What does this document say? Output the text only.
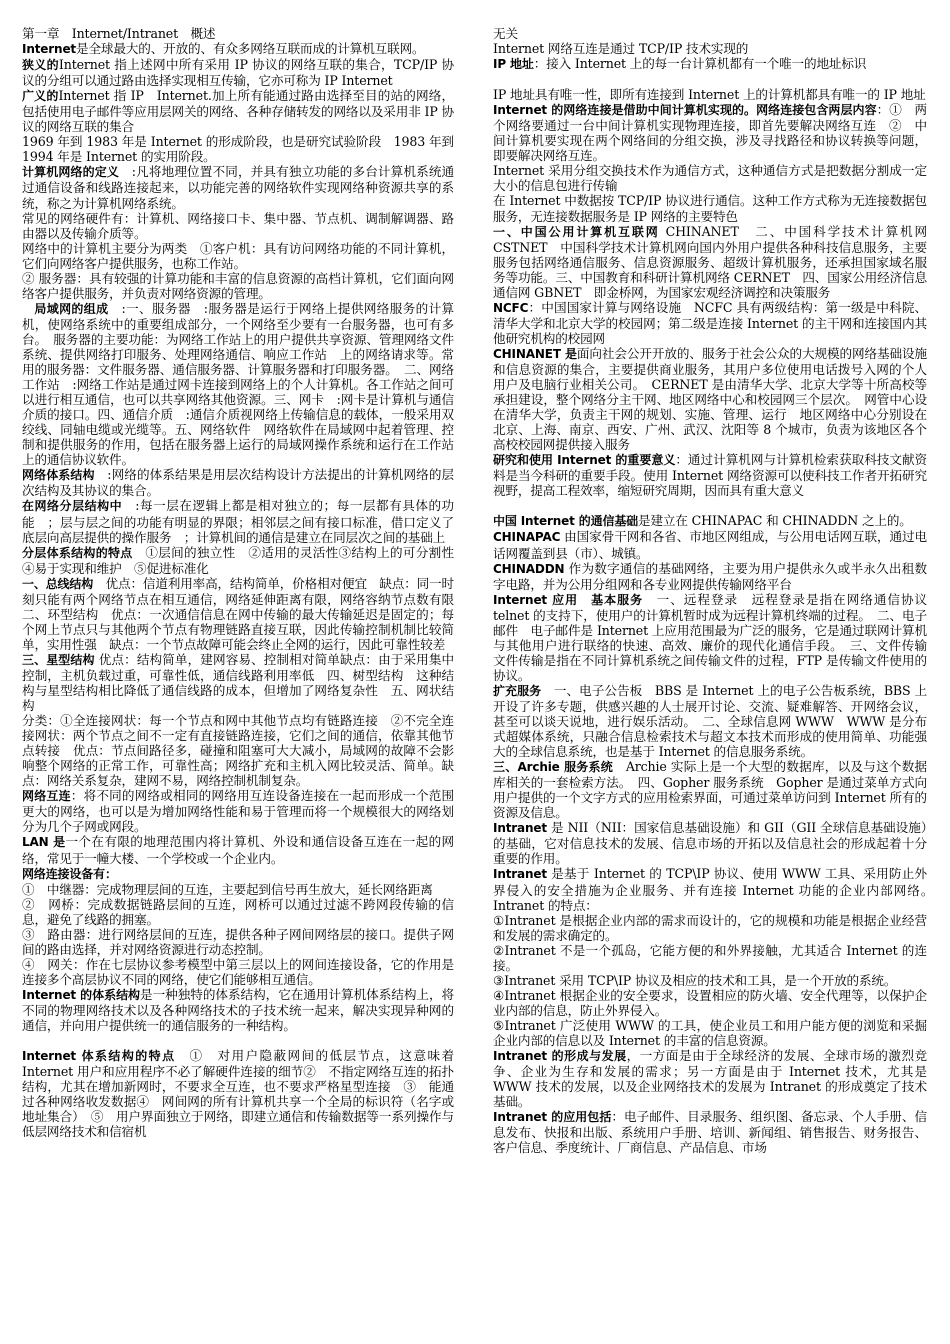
第一章　Internet/Intranet　概述
Internet是全球最大的、开放的、有众多网络互联而成的计算机互联网。
狭义的Internet 指上述网中所有采用 IP 协议的网络互联的集合，TCP/IP 协议的分组可以通过路由选择实现相互传输，它亦可称为 IP Internet
广义的Internet 指 IP　Internet.加上所有能通过路由选择至目的站的网络，包括使用电子邮件等应用层网关的网络、各种存储转发的网络以及采用非 IP 协议的网络互联的集合
1969 年到 1983 年是 Internet 的形成阶段，也是研究试验阶段　1983 年到 1994 年是 Internet 的实用阶段。
计算机网络的定义　:凡将地理位置不同，并具有独立功能的多台计算机系统通过通信设备和线路连接起来，以功能完善的网络软件实现网络种资源共享的系统，称之为计算机网络系统。
常见的网络硬件有：计算机、网络接口卡、集中器、节点机、调制解调器、路由器以及传输介质等。
网络中的计算机主要分为两类　①客户机：具有访问网络功能的不同计算机，它们向网络客户提供服务，也称工作站。
② 服务器：具有较强的计算功能和丰富的信息资源的高档计算机，它们面向网络客户提供服务，并负责对网络资源的管理。
　局域网的组成　:一、服务器　:服务器是运行于网络上提供网络服务的计算机，使网络系统中的重要组成部分，一个网络至少要有一台服务器，也可有多台。　服务器的主要功能：为网络工作站上的用户提供共享资源、管理网络文件系统、提供网络打印服务、处理网络通信、响应工作站　上的网络请求等。常用的服务器：文件服务器、通信服务器、计算服务器和打印服务器。　二、网络工作站　:网络工作站是通过网卡连接到网络上的个人计算机。各工作站之间可以进行相互通信，也可以共享网络其他资源。三、网卡　:网卡是计算机与通信介质的接口。四、通信介质　:通信介质视网络上传输信息的载体，一般采用双绞线、同轴电缆或光缆等。五、网络软件　网络软件在局域网中起着管理、控制和提供服务的作用，包括在服务器上运行的局域网操作系统和运行在工作站上的通信协议软件。
网络体系结构　:网络的体系结果是用层次结构设计方法提出的计算机网络的层次结构及其协议的集合。
在网络分层结构中　:每一层在逻辑上都是相对独立的；每一层都有具体的功能　；层与层之间的功能有明显的界限；相邻层之间有接口标准，借口定义了底层向高层提供的操作服务　；计算机间的通信是建立在同层次之间的基础上
分层体系结构的特点　①层间的独立性　②适用的灵活性③结构上的可分割性　④易于实现和维护　⑤促进标准化
一、总线结构　优点：信道利用率高，结构简单，价格相对便宜　缺点：同一时刻只能有两个网络节点在相互通信，网络延伸距离有限，网络容纳节点数有限　二、环型结构　优点：一次通信信息在网中传输的最大传输延迟是固定的；每个网上节点只与其他两个节点有物理链路直接互联，因此传输控制机制比较简单，实用性强　缺点：一个节点故障可能会终止全网的运行，因此可靠性较差
三、星型结构 优点：结构简单，建网容易、控制相对简单缺点：由于采用集中控制，主机负载过重，可靠性低，通信线路利用率低　四、树型结构　这种结构与星型结构相比降低了通信线路的成本，但增加了网络复杂性　五、网状结构
分类：①全连接网状：每一个节点和网中其他节点均有链路连接　②不完全连接网状：两个节点之间不一定有直接链路连接，它们之间的通信，依靠其他节点转接　优点：节点间路径多，碰撞和阻塞可大大减小，局域网的故障不会影响整个网络的正常工作，可靠性高；网络扩充和主机入网比较灵活、简单。缺点：网络关系复杂，建网不易，网络控制机制复杂。
网络互连：将不同的网络或相同的网络用互连设备连接在一起而形成一个范围更大的网络，也可以是为增加网络性能和易于管理而将一个规模很大的网络划分为几个子网或网段。
LAN 是一个在有限的地理范围内将计算机、外设和通信设备互连在一起的网络，常见于一幢大楼、一个学校或一个企业内。
网络连接设备有：
①　中继器：完成物理层间的互连，主要起到信号再生放大，延长网络距离
②　网桥：完成数据链路层间的互连，网桥可以通过过滤不跨网段传输的信息，避免了线路的拥塞。
③　路由器：进行网络层间的互连，提供各种子网间网络层的接口。提供子网间的路由选择，并对网络资源进行动态控制。
④　网关：作在七层协议参考模型中第三层以上的网间连接设备，它的作用是连接多个高层协议不同的网络，使它们能够相互通信。
Internet 的体系结构是一种独特的体系结构，它在通用计算机体系结构上，将不同的物理网络技术以及各种网络技术的子技术统一起来，解决实现异种网的通信，并向用户提供统一的通信服务的一种结构。
Internet 体系结构的特点　①　对用户隐蔽网间的低层节点，这意味着 Internet 用户和应用程序不必了解硬件连接的细节②　不指定网络互连的拓扑结构，尤其在增加新网时，不要求全互连，也不要求严格星型连接　③　能通过各种网络收发数据④　网间网的所有计算机共享一个全局的标识符（名字或地址集合）　⑤　用户界面独立于网络，即建立通信和传输数据等一系列操作与低层网络技术和信宿机
无关
Internet 网络互连是通过 TCP/IP 技术实现的
IP 地址：接入 Internet 上的每一台计算机都有一个唯一的地址标识
IP 地址具有唯一性，即所有连接到 Internet 上的计算机都具有唯一的 IP 地址
Internet 的网络连接是借助中间计算机实现的。网络连接包含两层内容：①　两个网络要通过一台中间计算机实现物理连接，即首先要解决网络互连　②　中间计算机要实现在两个网络间的分组交换，涉及寻找路径和协议转换等问题，即要解决网络互连。
Internet 采用分组交换技术作为通信方式，这种通信方式是把数据分割成一定大小的信息包进行传输
在 Internet 中数据按 TCP/IP 协议进行通信。这种工作方式称为无连接数据包服务，无连接数据服务是 IP 网络的主要特色
一、中国公用计算机互联网 CHINANET　二、中国科学技术计算机网 CSTNET　中国科学技术计算机网向国内外用户提供各种科技信息服务，主要服务包括网络通信服务、信息资源服务、超级计算机服务，还承担国家域名服务等功能。三、中国教育和科研计算机网络 CERNET　四、国家公用经济信息通信网 GBNET　即金桥网，为国家宏观经济调控和决策服务
NCFC：中国国家计算与网络设施　NCFC 具有两级结构：第一级是中科院、清华大学和北京大学的校园网；第二级是连接 Internet 的主干网和连接国内其他研究机构的校园网
CHINANET 是面向社会公开开放的、服务于社会公众的大规模的网络基础设施和信息资源的集合，主要提供商业服务，其用户多位使用电话拨号入网的个人用户及电脑行业相关公司。　CERNET 是由清华大学、北京大学等十所高校等承担建设，整个网络分主干网、地区网络中心和校园网三个层次。　网管中心设在清华大学，负责主干网的规划、实施、管理、运行　地区网络中心分别设在北京、上海、南京、西安、广州、武汉、沈阳等 8 个城市，负责为该地区各个高校校园网提供接入服务
研究和使用 Internet 的重要意义：通过计算机网与计算机检索获取科技文献资料是当今科研的重要手段。使用 Internet 网络资源可以使科技工作者开拓研究视野，提高工程效率，缩短研究周期，因而具有重大意义
中国 Internet 的通信基础是建立在 CHINAPAC 和 CHINADDN 之上的。
CHINAPAC 由国家骨干网和各省、市地区网组成，与公用电话网互联，通过电话网覆盖到县（市）、城镇。
CHINADDN 作为数字通信的基础网络，主要为用户提供永久或半永久出租数字电路，并为公用分组网和各专业网提供传输网络平台
Internet 应用　基本服务　一、远程登录　远程登录是指在网络通信协议 telnet 的支持下，使用户的计算机暂时成为远程计算机终端的过程。　二、电子邮件　电子邮件是 Internet 上应用范围最为广泛的服务，它是通过联网计算机与其他用户进行联络的快速、高效、廉价的现代化通信手段。　三、文件传输　文件传输是指在不同计算机系统之间传输文件的过程，FTP 是传输文件使用的协议。
扩充服务　一、电子公告板　BBS 是 Internet 上的电子公告板系统，BBS 上开设了许多专题，供感兴趣的人士展开讨论、交流、疑难解答、开网络会议，甚至可以谈天说地，进行娱乐活动。　二、全球信息网 WWW　WWW 是分布式超媒体系统，只融合信息检索技术与超文本技术而形成的使用简单、功能强大的全球信息系统，也是基于 Internet 的信息服务系统。
三、Archie 服务系统　Archie 实际上是一个大型的数据库，以及与这个数据库相关的一套检索方法。　四、Gopher 服务系统　Gopher 是通过菜单方式向用户提供的一个文字方式的应用检索界面，可通过菜单访问到 Internet 所有的资源及信息。
Intranet 是 NII（NII：国家信息基础设施）和 GII（GII 全球信息基础设施）的基础，它对信息技术的发展、信息市场的开拓以及信息社会的形成起着十分重要的作用。
Intranet 是基于 Internet 的 TCP\IP 协议、使用 WWW 工具、采用防止外界侵入的安全措施为企业服务、并有连接 Internet 功能的企业内部网络。　Intranet 的特点：
①Intranet 是根据企业内部的需求而设计的，它的规模和功能是根据企业经营和发展的需求确定的。
②Intranet 不是一个孤岛，它能方便的和外界接触，尤其适合 Internet 的连接。
③Intranet 采用 TCP\IP 协议及相应的技术和工具，是一个开放的系统。
④Intranet 根据企业的安全要求，设置相应的防火墙、安全代理等，以保护企业内部的信息，防止外界侵入。
⑤Intranet 广泛使用 WWW 的工具，使企业员工和用户能方便的浏览和采掘企业内部的信息以及 Internet 的丰富的信息资源。
Intranet 的形成与发展，一方面是由于全球经济的发展、全球市场的激烈竞争、企业为生存和发展的需求；另一方面是由于 Internet 技术，尤其是 WWW 技术的发展，以及企业网络技术的发展为 Intranet 的形成奠定了技术基础。
Intranet 的应用包括：电子邮件、目录服务、组织图、备忘录、个人手册、信息发布、快报和出版、系统用户手册、培训、新闻组、销售报告、财务报告、客户信息、季度统计、厂商信息、产品信息、市场
